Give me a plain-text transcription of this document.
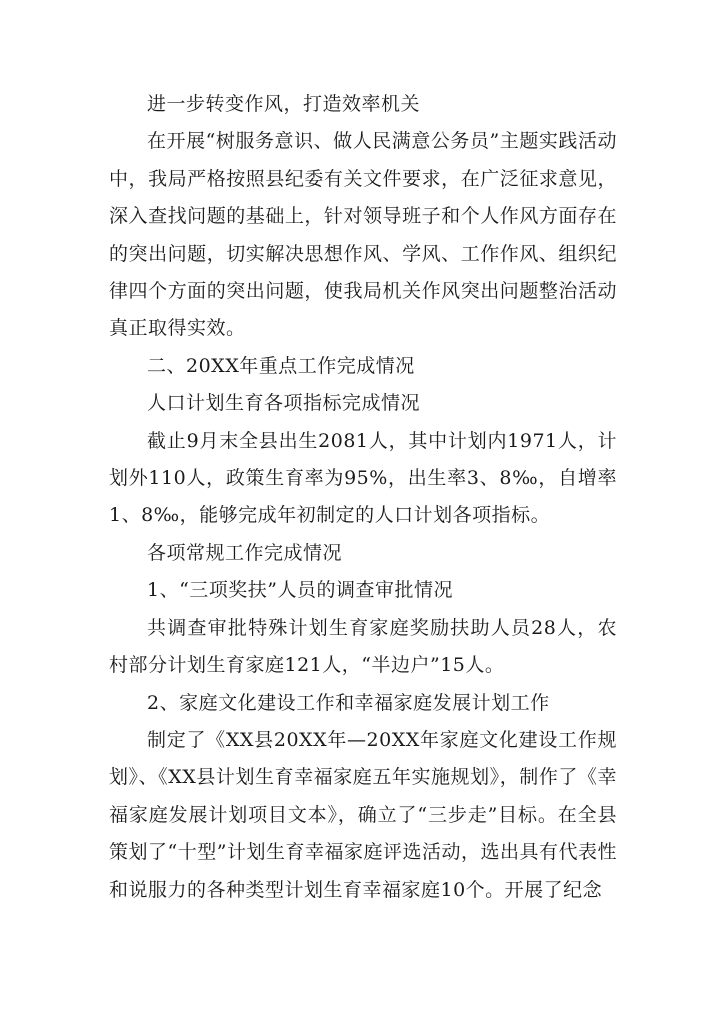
进一步转变作风，打造效率机关

在开展“树服务意识、做人民满意公务员”主题实践活动中，我局严格按照县纪委有关文件要求，在广泛征求意见，深入查找问题的基础上，针对领导班子和个人作风方面存在的突出问题，切实解决思想作风、学风、工作作风、组织纪律四个方面的突出问题，使我局机关作风突出问题整治活动真正取得实效。

二、20XX年重点工作完成情况

人口计划生育各项指标完成情况

截止9月末全县出生2081人，其中计划内1971人，计划外110人，政策生育率为95%，出生率3、8‰，自增率1、8‰，能够完成年初制定的人口计划各项指标。

各项常规工作完成情况

1、“三项奖扶”人员的调查审批情况

共调查审批特殊计划生育家庭奖励扶助人员28人，农村部分计划生育家庭121人，“半边户”15人。

2、家庭文化建设工作和幸福家庭发展计划工作

制定了《XX县20XX年—20XX年家庭文化建设工作规划》、《XX县计划生育幸福家庭五年实施规划》，制作了《幸福家庭发展计划项目文本》，确立了“三步走”目标。在全县策划了“十型”计划生育幸福家庭评选活动，选出具有代表性和说服力的各种类型计划生育幸福家庭10个。开展了纪念
